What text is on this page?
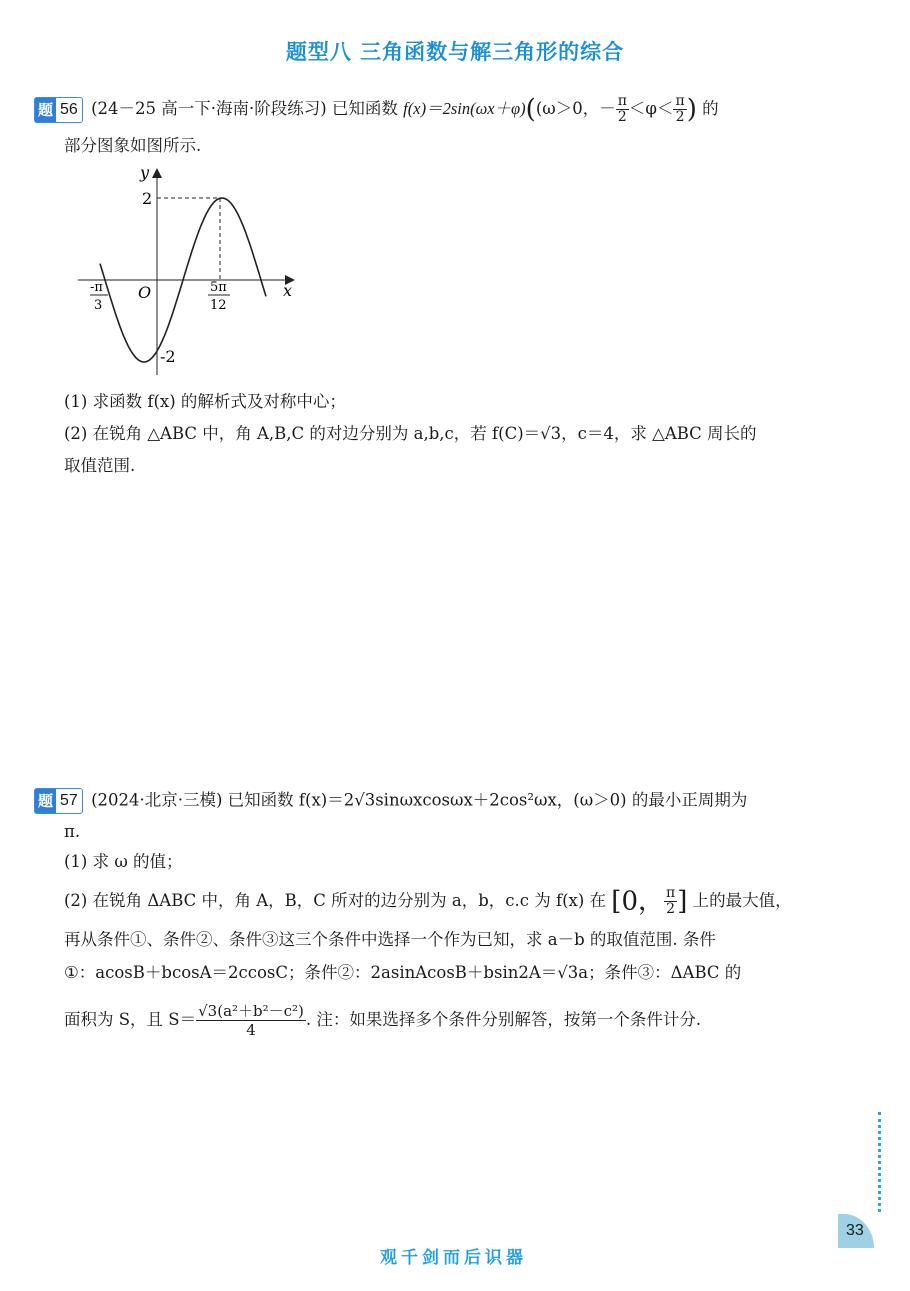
题型八 三角函数与解三角形的综合
题 56 (24－25 高一下·海南·阶段练习) 已知函数 f(x)＝2sin(ωx＋φ)((ω＞0，－ $\frac{\pi}{2} <\varphi< \frac{\pi}{2}$ ) 的
部分图象如图所示.
y
x
O
2
-2
-π
3
5π
12
(1) 求函数 f(x) 的解析式及对称中心；
(2) 在锐角 △ABC 中，角 A,B,C 的对边分别为 a,b,c，若 f(C)＝√3，c＝4，求 △ABC 周长的
取值范围.
题 57 (2024·北京·三模) 已知函数 f(x)＝2√3sinωxcosωx＋2cos²ωx，(ω＞0) 的最小正周期为
π.
(1) 求 ω 的值；
(2) 在锐角 ΔABC 中，角 A，B，C 所对的边分别为 a，b，c.c 为 f(x) 在 [0， $\frac{\pi}{2}$ ] 上的最大值，
再从条件①、条件②、条件③这三个条件中选择一个作为已知，求 a－b 的取值范围. 条件
①：acosB＋bcosA＝2ccosC；条件②：2asinAcosB＋bsin2A＝√3a；条件③：ΔABC 的
面积为 S，且 $S= \frac{\text{√3(a²＋b²－c²)}}{4}$ . 注：如果选择多个条件分别解答，按第一个条件计分.
33
观千剑而后识器
